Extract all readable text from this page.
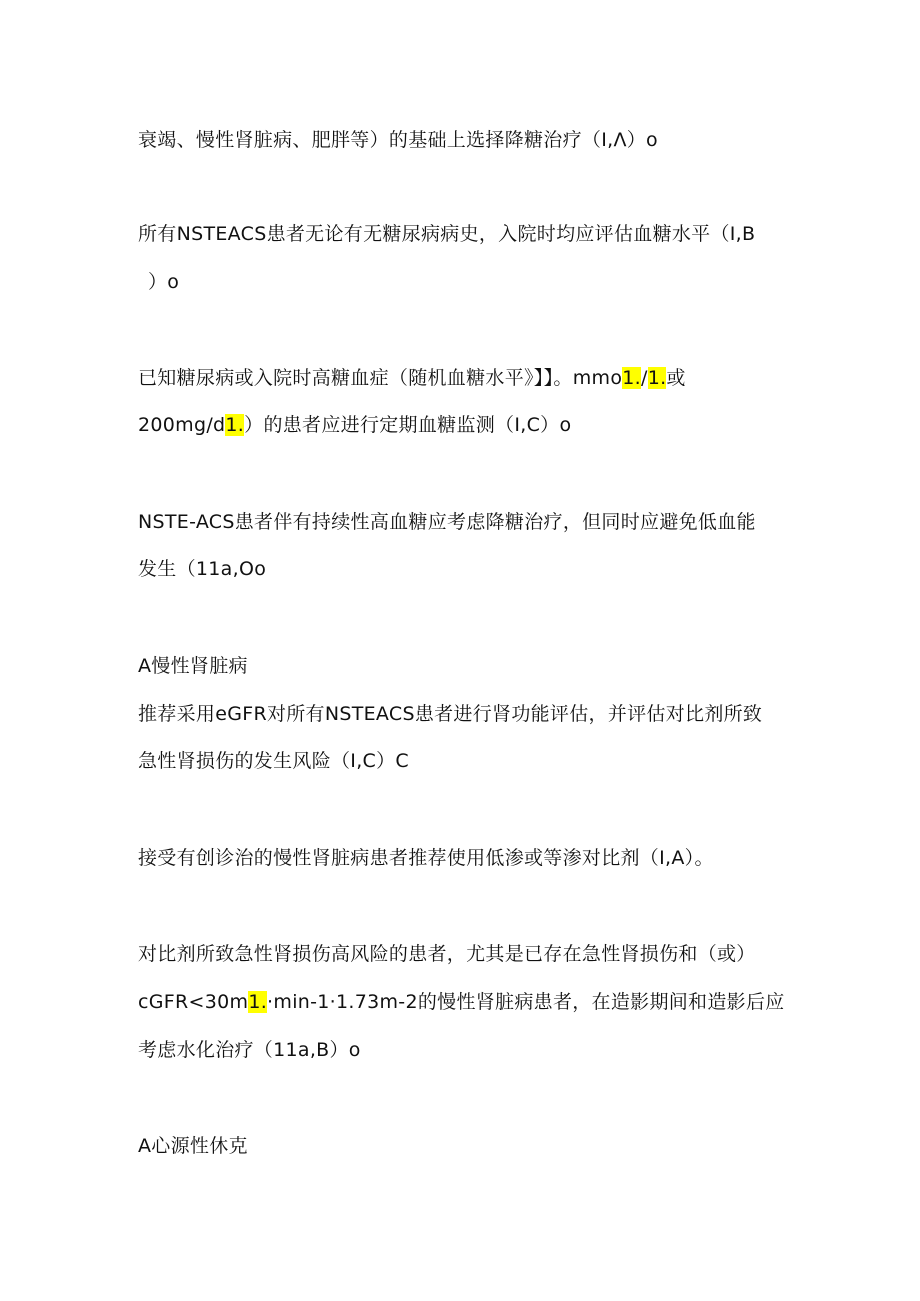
衰竭、慢性肾脏病、肥胖等）的基础上选择降糖治疗（I,Λ）o
所有NSTEACS患者无论有无糖尿病病史，入院时均应评估血糖水平（I,B
）o
已知糖尿病或入院时高糖血症（随机血糖水平》】】。mmo1./1.或
200mg/d1.）的患者应进行定期血糖监测（I,C）o
NSTE-ACS患者伴有持续性高血糖应考虑降糖治疗，但同时应避免低血能
发生（11a,Oo
A慢性肾脏病
推荐采用eGFR对所有NSTEACS患者进行肾功能评估，并评估对比剂所致
急性肾损伤的发生风险（I,C）C
接受有创诊治的慢性肾脏病患者推荐使用低渗或等渗对比剂（I,A）。
对比剂所致急性肾损伤高风险的患者，尤其是已存在急性肾损伤和（或）
cGFR<30m1.·min-1·1.73m-2的慢性肾脏病患者，在造影期间和造影后应
考虑水化治疗（11a,B）o
A心源性休克
